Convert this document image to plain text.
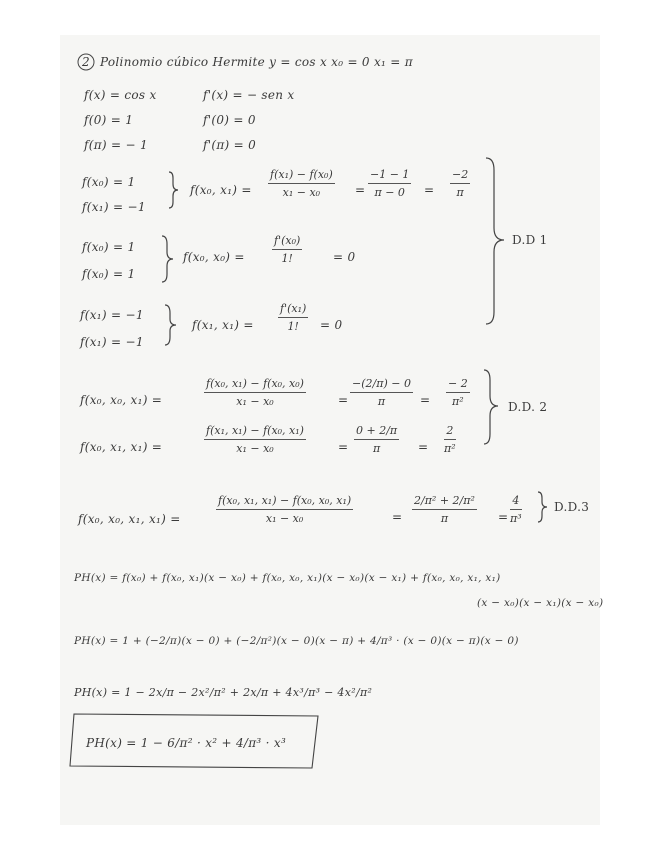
2 Polinomio cúbico Hermite y = cos x x₀ = 0 x₁ = π
f(x) = cos x	f'(x) = − sen x
f(0) = 1	f'(0) = 0
f(π) = − 1	f'(π) = 0
f(x₀) = 1
f(x₁) = −1
f(x₀, $x_1) = \frac{\text{f(x₁) − f(x₀)}}{\text{x₁ − x₀}} = \frac{-1 - 1}{\pi - 0} = \frac{-2}{\pi}$
f(x₀) = 1
f(x₀) = 1
f(x₀, $x_0) = \frac{\text{f'(x₀)}}{1!}$	= 0
f(x₁) = −1
f(x₁) = −1
f(x₁, $x_1) = \frac{\text{f'(x₁)}}{1!} = 0$
D.D 1
f(x₀, x₀, x₁) =	$\frac{\text{f(x₀, x₁) − f(x₀, x₀)}}{\text{x₁ − x₀}}$	= $\frac{-(2/\pi) - 0}{\pi} = \frac{- 2}{\text{π²}}$	D.D. 2
f(x₀, x₁, x₁) =	$\frac{\text{f(x₁, x₁) − f(x₀, x₁)}}{\text{x₁ − x₀}}$	= $\frac{0 + 2/\pi}{\pi} = \frac{2}{\text{π²}}$
f(x₀, x₀, x₁, x₁) =	$\frac{\text{f(x₀, x₁, x₁) − f(x₀, x₀, x₁)}}{\text{x₁ − x₀}}$	= $\frac{\text{2/π² + 2/π²}}{\pi} = \frac{4}{\text{π³}}$	D.D.3
PH(x) = f(x₀) + f(x₀, x₁)(x − x₀) + f(x₀, x₀, x₁)(x − x₀)(x − x₁) + f(x₀, x₀, x₁, x₁)
(x − x₀)(x − x₁)(x − x₀)
PH(x) = 1 + (−2/π)(x − 0) + (−2/π²)(x − 0)(x − π) + 4/π³ · (x − 0)(x − π)(x − 0)
PH(x) = 1 − 2x/π − 2x²/π² + 2x/π + 4x³/π³ − 4x²/π²
PH(x) = 1 − 6/π² · x² + 4/π³ · x³
